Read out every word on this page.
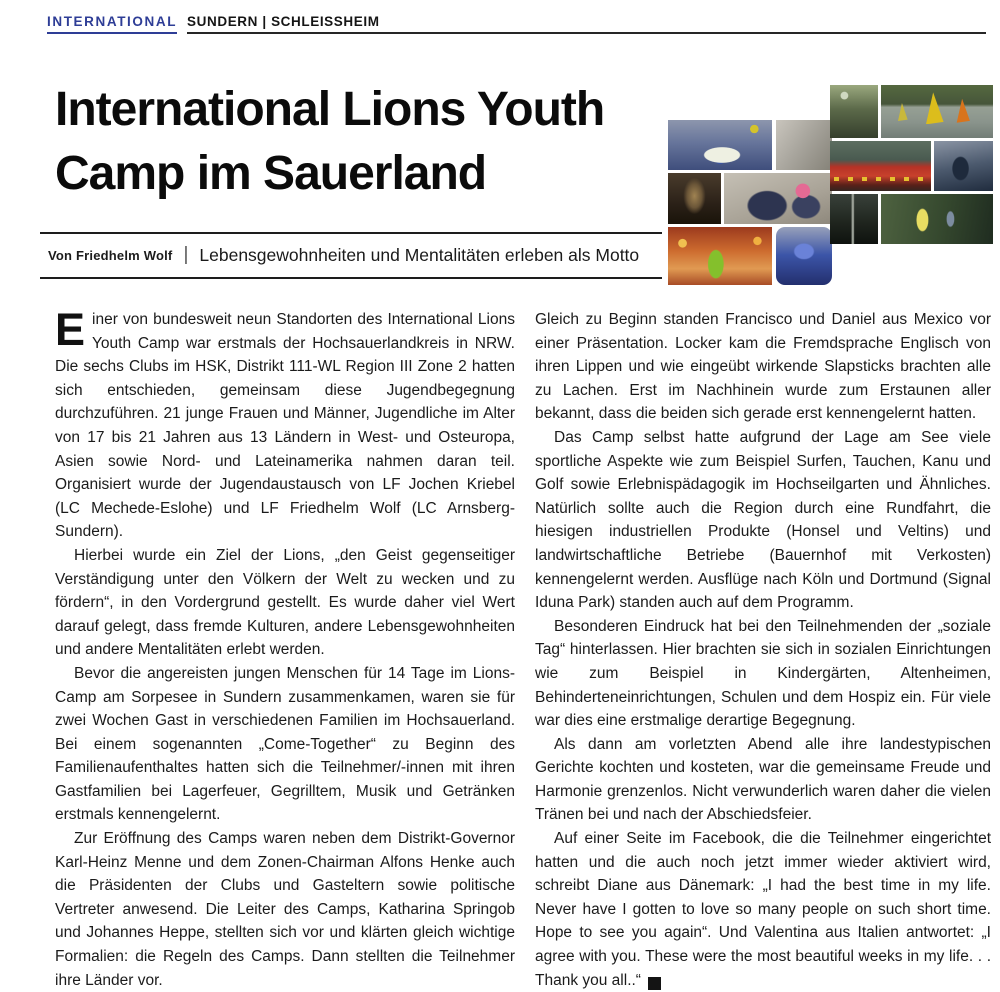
INTERNATIONAL SUNDERN | SCHLEISSHEIM
International Lions Youth
Camp im Sauerland
Von Friedhelm Wolf | Lebensgewohnheiten und Mentalitäten erleben als Motto

Einer von bundesweit neun Standorten des International Lions Youth Camp war erstmals der Hochsauerlandkreis in NRW. Die sechs Clubs im HSK, Distrikt 111-WL Region III Zone 2 hatten sich entschieden, gemeinsam diese Jugendbegegnung durchzuführen. 21 junge Frauen und Männer, Jugendliche im Alter von 17 bis 21 Jahren aus 13 Ländern in West- und Osteuropa, Asien sowie Nord- und Lateinamerika nahmen daran teil. Organisiert wurde der Jugendaustausch von LF Jochen Kriebel (LC Mechede-Eslohe) und LF Friedhelm Wolf (LC Arnsberg-Sundern).

Hierbei wurde ein Ziel der Lions, „den Geist gegenseitiger Verständigung unter den Völkern der Welt zu wecken und zu fördern“, in den Vordergrund gestellt. Es wurde daher viel Wert darauf gelegt, dass fremde Kulturen, andere Lebensgewohnheiten und andere Mentalitäten erlebt werden.

Bevor die angereisten jungen Menschen für 14 Tage im Lions-Camp am Sorpesee in Sundern zusammenkamen, waren sie für zwei Wochen Gast in verschiedenen Familien im Hochsauerland. Bei einem sogenannten „Come-Together“ zu Beginn des Familienaufenthaltes hatten sich die Teilnehmer/-innen mit ihren Gastfamilien bei Lagerfeuer, Gegrilltem, Musik und Getränken erstmals kennengelernt.

Zur Eröffnung des Camps waren neben dem Distrikt-Governor Karl-Heinz Menne und dem Zonen-Chairman Alfons Henke auch die Präsidenten der Clubs und Gasteltern sowie politische Vertreter anwesend. Die Leiter des Camps, Katharina Springob und Johannes Heppe, stellten sich vor und klärten gleich wichtige Formalien: die Regeln des Camps. Dann stellten die Teilnehmer ihre Länder vor.

Gleich zu Beginn standen Francisco und Daniel aus Mexico vor einer Präsentation. Locker kam die Fremdsprache Englisch von ihren Lippen und wie eingeübt wirkende Slapsticks brachten alle zu Lachen. Erst im Nachhinein wurde zum Erstaunen aller bekannt, dass die beiden sich gerade erst kennengelernt hatten.

Das Camp selbst hatte aufgrund der Lage am See viele sportliche Aspekte wie zum Beispiel Surfen, Tauchen, Kanu und Golf sowie Erlebnispädagogik im Hochseilgarten und Ähnliches. Natürlich sollte auch die Region durch eine Rundfahrt, die hiesigen industriellen Produkte (Honsel und Veltins) und landwirtschaftliche Betriebe (Bauernhof mit Verkosten) kennengelernt werden. Ausflüge nach Köln und Dortmund (Signal Iduna Park) standen auch auf dem Programm.

Besonderen Eindruck hat bei den Teilnehmenden der „soziale Tag“ hinterlassen. Hier brachten sie sich in sozialen Einrichtungen wie zum Beispiel in Kindergärten, Altenheimen, Behinderteneinrichtungen, Schulen und dem Hospiz ein. Für viele war dies eine erstmalige derartige Begegnung.

Als dann am vorletzten Abend alle ihre landestypischen Gerichte kochten und kosteten, war die gemeinsame Freude und Harmonie grenzenlos. Nicht verwunderlich waren daher die vielen Tränen bei und nach der Abschiedsfeier.

Auf einer Seite im Facebook, die die Teilnehmer eingerichtet hatten und die auch noch jetzt immer wieder aktiviert wird, schreibt Diane aus Dänemark: „I had the best time in my life. Never have I gotten to love so many people on such short time. Hope to see you again“. Und Valentina aus Italien antwortet: „I agree with you. These were the most beautiful weeks in my life. . . Thank you all..“	L
